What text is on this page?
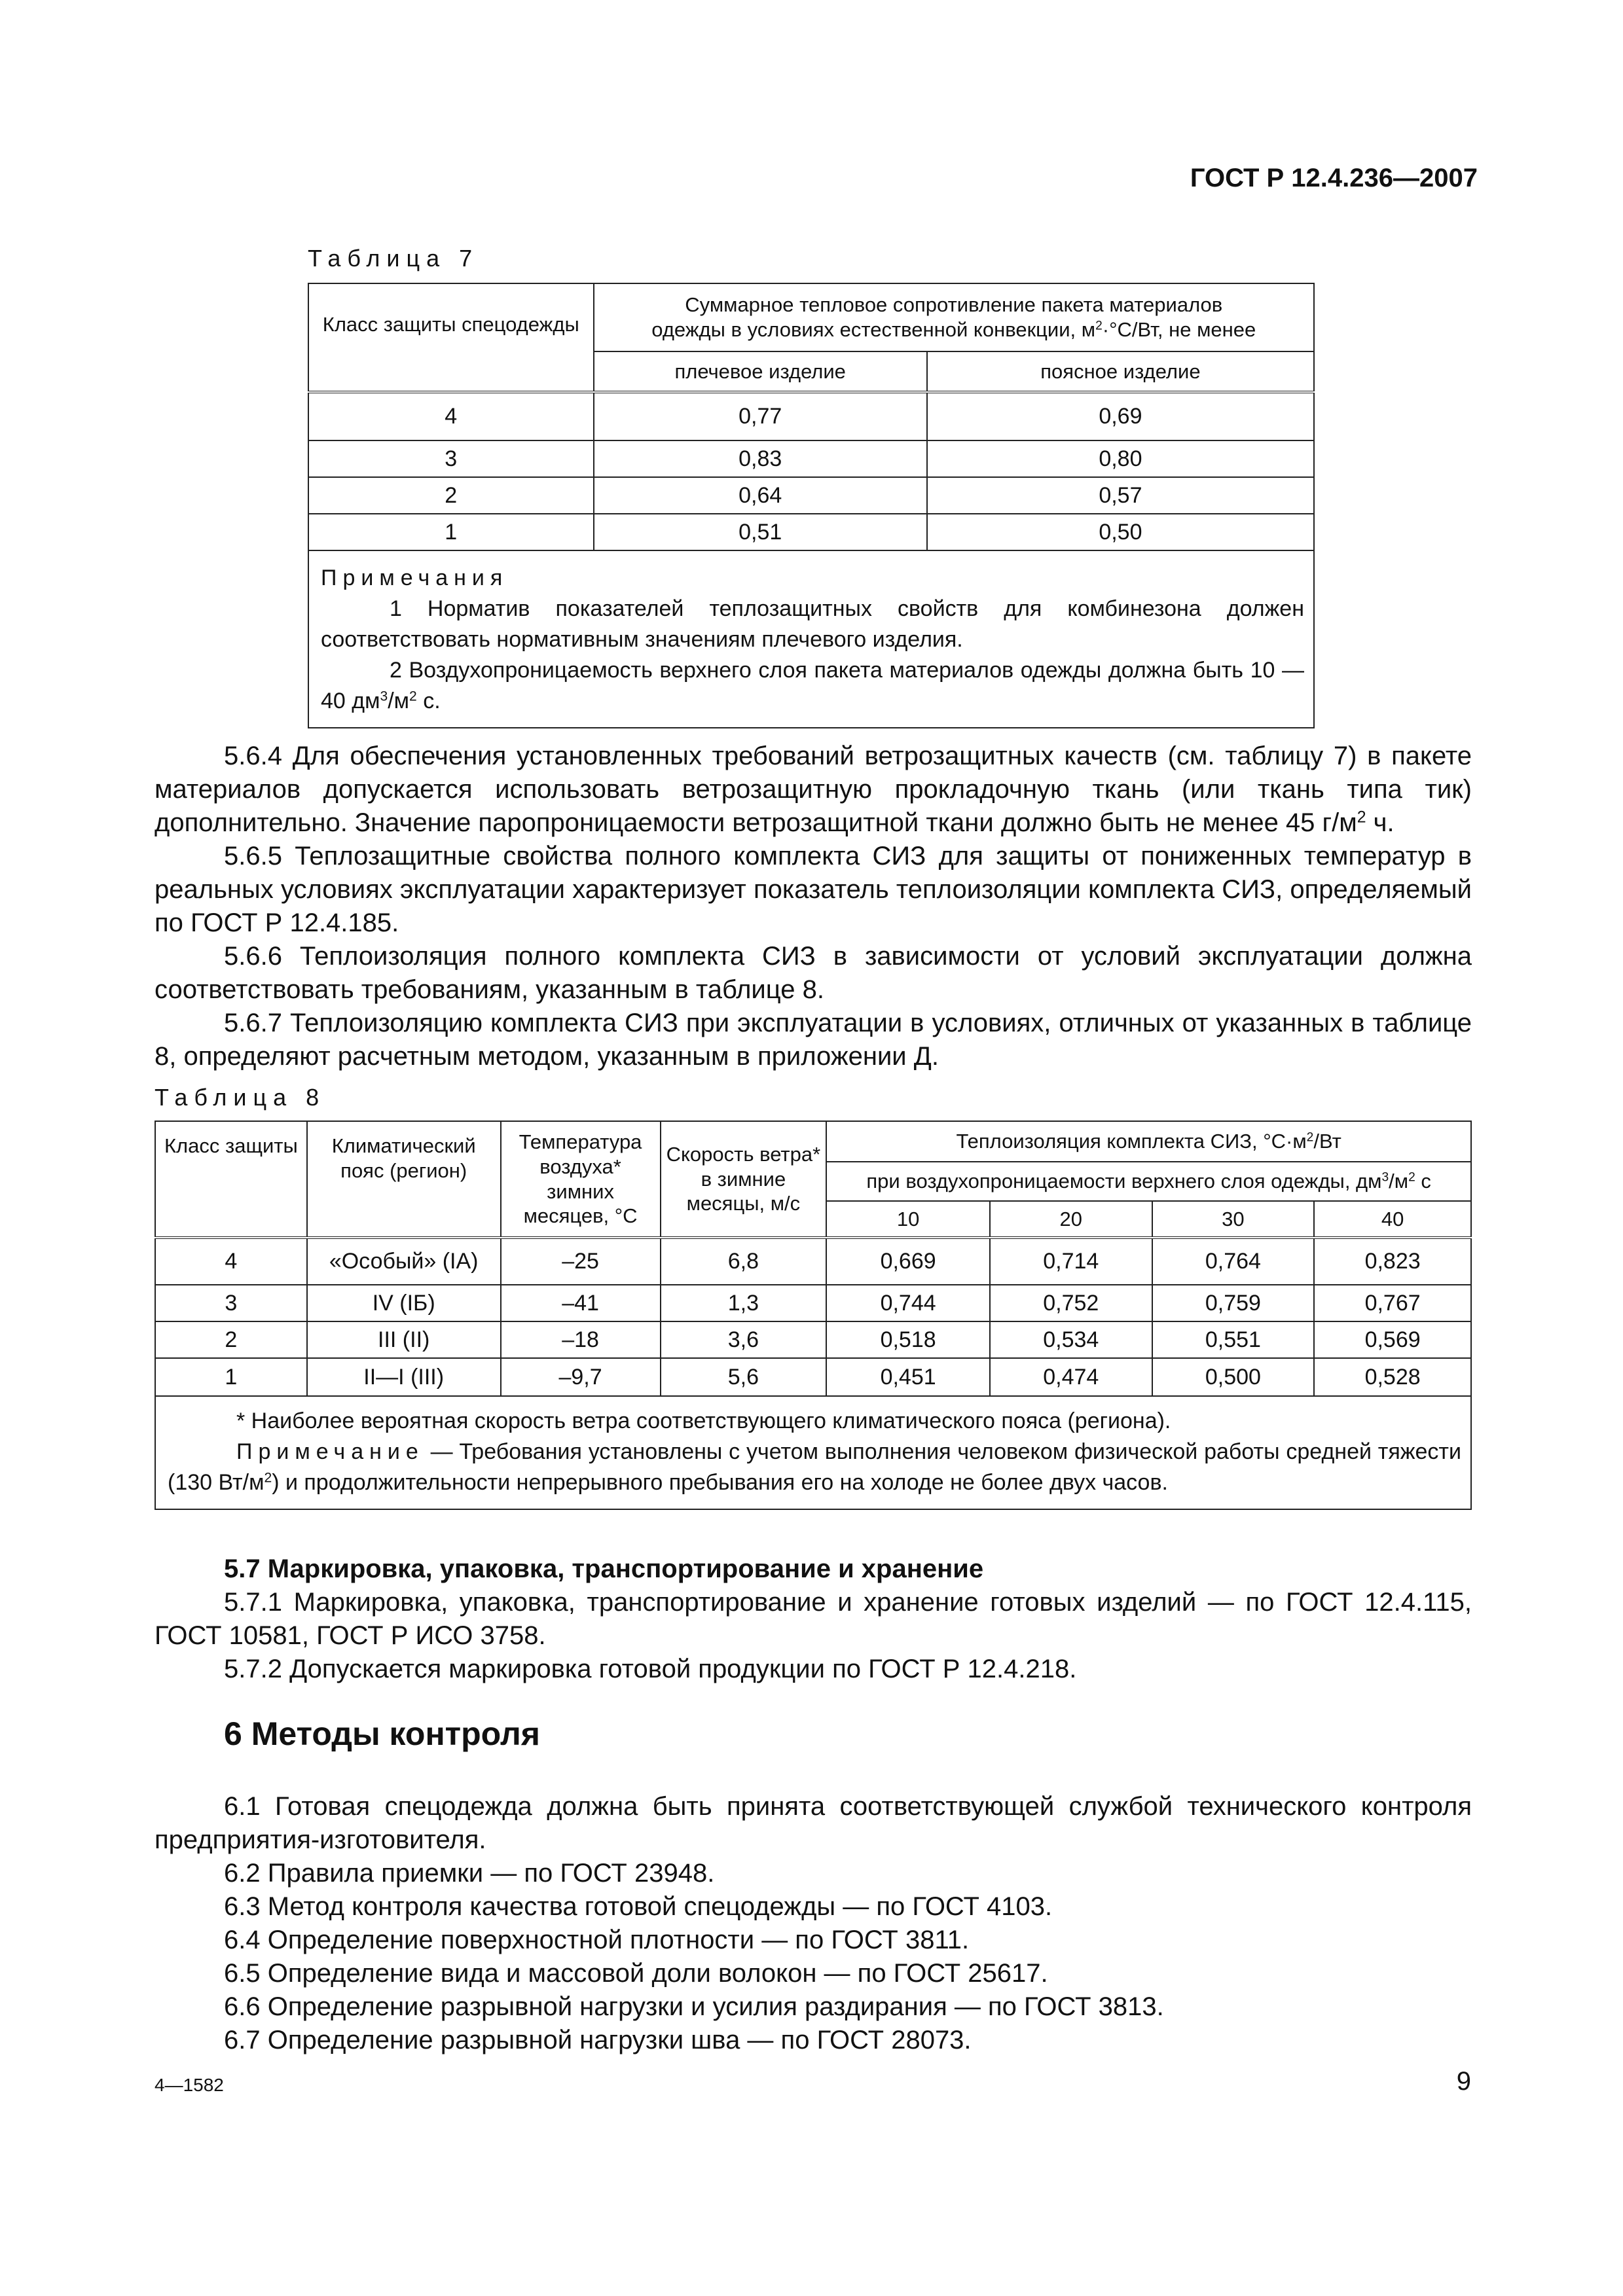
ГОСТ Р 12.4.236—2007
Таблица 7
Класс защиты спецодежды	Суммарное тепловое сопротивление пакета материалов
одежды в условиях естественной конвекции, $м^2\cdot^\circ С/Вт$, не менее	

	плечевое изделие	поясное изделие
4	0,77	0,69
3	0,83	0,80
2	0,64	0,57
1	0,51	0,50

Примечания
1 Норматив показателей теплозащитных свойств для комбинезона должен соответствовать нормативным значениям плечевого изделия.
2 Воздухопроницаемость верхнего слоя пакета материалов одежды должна быть 10 — 40 $дм^3/м^2$ с.		

5.6.4 Для обеспечения установленных требований ветрозащитных качеств (см. таблицу 7) в пакете материалов допускается использовать ветрозащитную прокладочную ткань (или ткань типа тик) дополнительно. Значение паропроницаемости ветрозащитной ткани должно быть не менее 45 $г/м^2$ ч.

5.6.5 Теплозащитные свойства полного комплекта СИЗ для защиты от пониженных температур в реальных условиях эксплуатации характеризует показатель теплоизоляции комплекта СИЗ, определяемый по ГОСТ Р 12.4.185.

5.6.6 Теплоизоляция полного комплекта СИЗ в зависимости от условий эксплуатации должна соответствовать требованиям, указанным в таблице 8.

5.6.7 Теплоизоляцию комплекта СИЗ при эксплуатации в условиях, отличных от указанных в таблице 8, определяют расчетным методом, указанным в приложении Д.

Таблица 8
Класс защиты	Климатический пояс (регион)	Температура воздуха* зимних месяцев, °С	Скорость ветра* в зимние месяцы, м/с	Теплоизоляция комплекта СИЗ, $^\circ С\cdot м^2/Вт$			
				при воздухопроницаемости верхнего слоя одежды, $дм^3/м^2$ с			
				10	20	30	40
4	«Особый» (IA)	–25	6,8	0,669	0,714	0,764	0,823
3	IV (IБ)	–41	1,3	0,744	0,752	0,759	0,767
2	III (II)	–18	3,6	0,518	0,534	0,551	0,569
1	II—I (III)	–9,7	5,6	0,451	0,474	0,500	0,528

* Наиболее вероятная скорость ветра соответствующего климатического пояса (региона).
Примечание — Требования установлены с учетом выполнения человеком физической работы средней тяжести (130 $Вт/м^2$) и продолжительности непрерывного пребывания его на холоде не более двух часов.							

5.7 Маркировка, упаковка, транспортирование и хранение

5.7.1 Маркировка, упаковка, транспортирование и хранение готовых изделий — по ГОСТ 12.4.115, ГОСТ 10581, ГОСТ Р ИСО 3758.

5.7.2 Допускается маркировка готовой продукции по ГОСТ Р 12.4.218.

6 Методы контроля

6.1 Готовая спецодежда должна быть принята соответствующей службой технического контроля предприятия-изготовителя.

6.2 Правила приемки — по ГОСТ 23948.

6.3 Метод контроля качества готовой спецодежды — по ГОСТ 4103.

6.4 Определение поверхностной плотности — по ГОСТ 3811.

6.5 Определение вида и массовой доли волокон — по ГОСТ 25617.

6.6 Определение разрывной нагрузки и усилия раздирания — по ГОСТ 3813.

6.7 Определение разрывной нагрузки шва — по ГОСТ 28073.

4—1582	9
